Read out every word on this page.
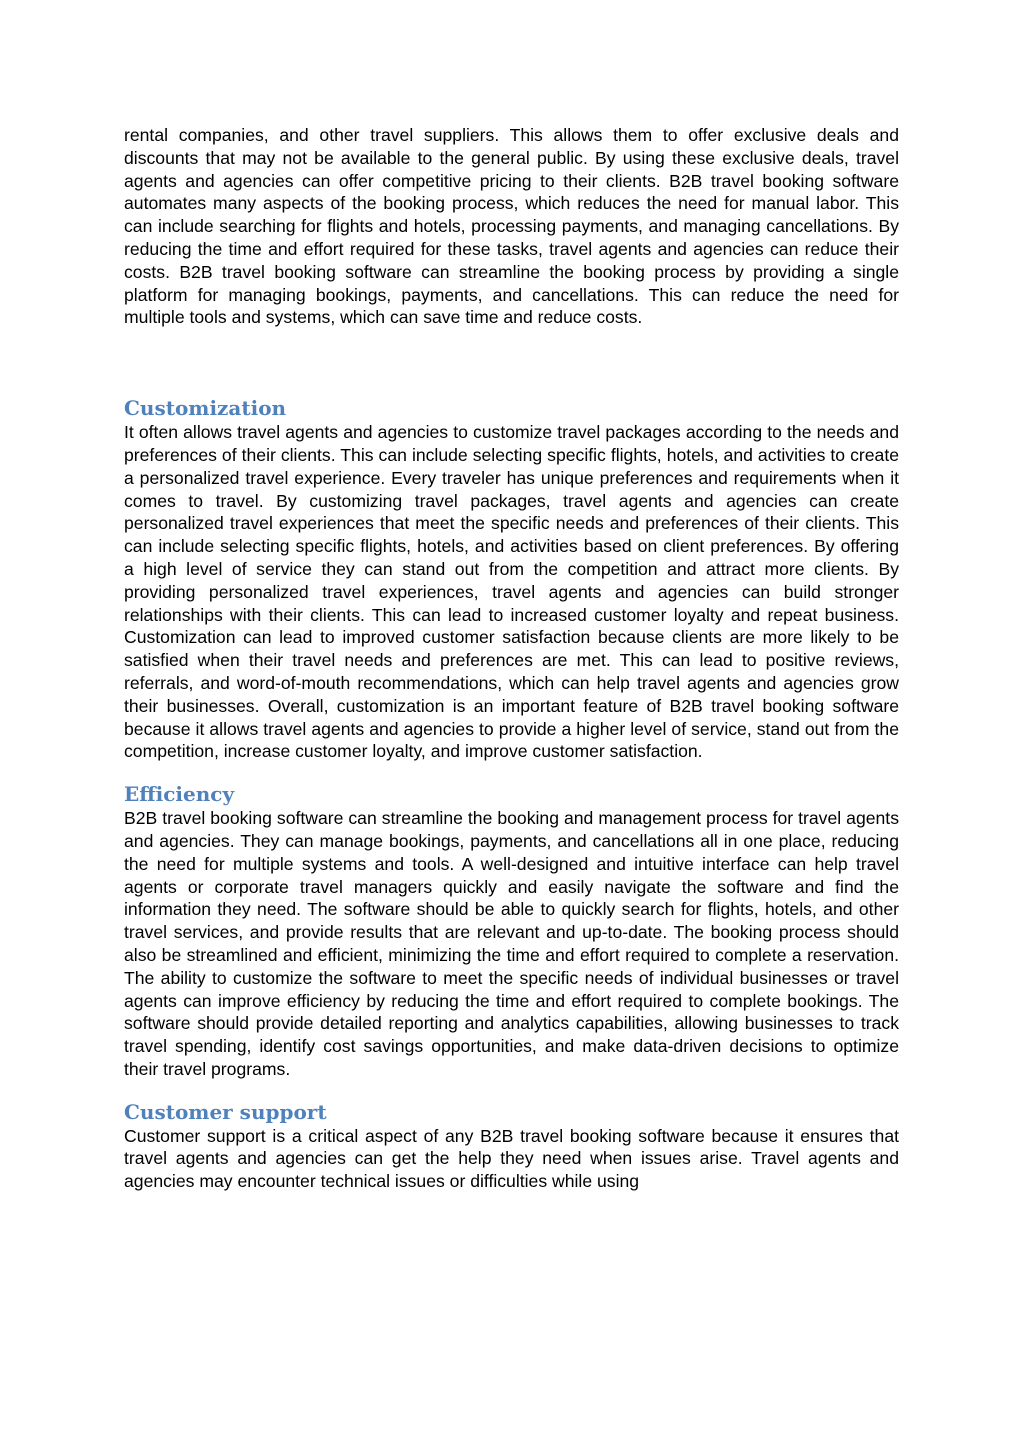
rental companies, and other travel suppliers. This allows them to offer exclusive deals and discounts that may not be available to the general public. By using these exclusive deals, travel agents and agencies can offer competitive pricing to their clients. B2B travel booking software automates many aspects of the booking process, which reduces the need for manual labor. This can include searching for flights and hotels, processing payments, and managing cancellations. By reducing the time and effort required for these tasks, travel agents and agencies can reduce their costs. B2B travel booking software can streamline the booking process by providing a single platform for managing bookings, payments, and cancellations. This can reduce the need for multiple tools and systems, which can save time and reduce costs.

Customization

It often allows travel agents and agencies to customize travel packages according to the needs and preferences of their clients. This can include selecting specific flights, hotels, and activities to create a personalized travel experience. Every traveler has unique preferences and requirements when it comes to travel. By customizing travel packages, travel agents and agencies can create personalized travel experiences that meet the specific needs and preferences of their clients. This can include selecting specific flights, hotels, and activities based on client preferences. By offering a high level of service they can stand out from the competition and attract more clients. By providing personalized travel experiences, travel agents and agencies can build stronger relationships with their clients. This can lead to increased customer loyalty and repeat business. Customization can lead to improved customer satisfaction because clients are more likely to be satisfied when their travel needs and preferences are met. This can lead to positive reviews, referrals, and word-of-mouth recommendations, which can help travel agents and agencies grow their businesses. Overall, customization is an important feature of B2B travel booking software because it allows travel agents and agencies to provide a higher level of service, stand out from the competition, increase customer loyalty, and improve customer satisfaction.

Efficiency

B2B travel booking software can streamline the booking and management process for travel agents and agencies. They can manage bookings, payments, and cancellations all in one place, reducing the need for multiple systems and tools. A well-designed and intuitive interface can help travel agents or corporate travel managers quickly and easily navigate the software and find the information they need. The software should be able to quickly search for flights, hotels, and other travel services, and provide results that are relevant and up-to-date. The booking process should also be streamlined and efficient, minimizing the time and effort required to complete a reservation. The ability to customize the software to meet the specific needs of individual businesses or travel agents can improve efficiency by reducing the time and effort required to complete bookings. The software should provide detailed reporting and analytics capabilities, allowing businesses to track travel spending, identify cost savings opportunities, and make data-driven decisions to optimize their travel programs.

Customer support

Customer support is a critical aspect of any B2B travel booking software because it ensures that travel agents and agencies can get the help they need when issues arise. Travel agents and agencies may encounter technical issues or difficulties while using
